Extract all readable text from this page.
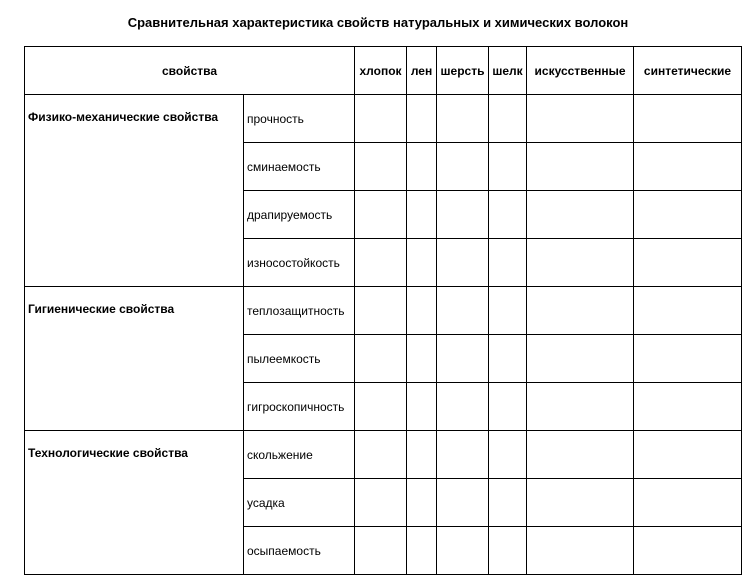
Сравнительная характеристика свойств натуральных и химических волокон
свойства		хлопок	лен	шерсть	шелк	искусственные	синтетические
Физико-механические свойства	прочность						
	сминаемость						
	драпируемость						
	износостойкость						
Гигиенические свойства	теплозащитность						
	пылеемкость						
	гигроскопичность						
Технологические свойства	скольжение						
	усадка						
	осыпаемость						
